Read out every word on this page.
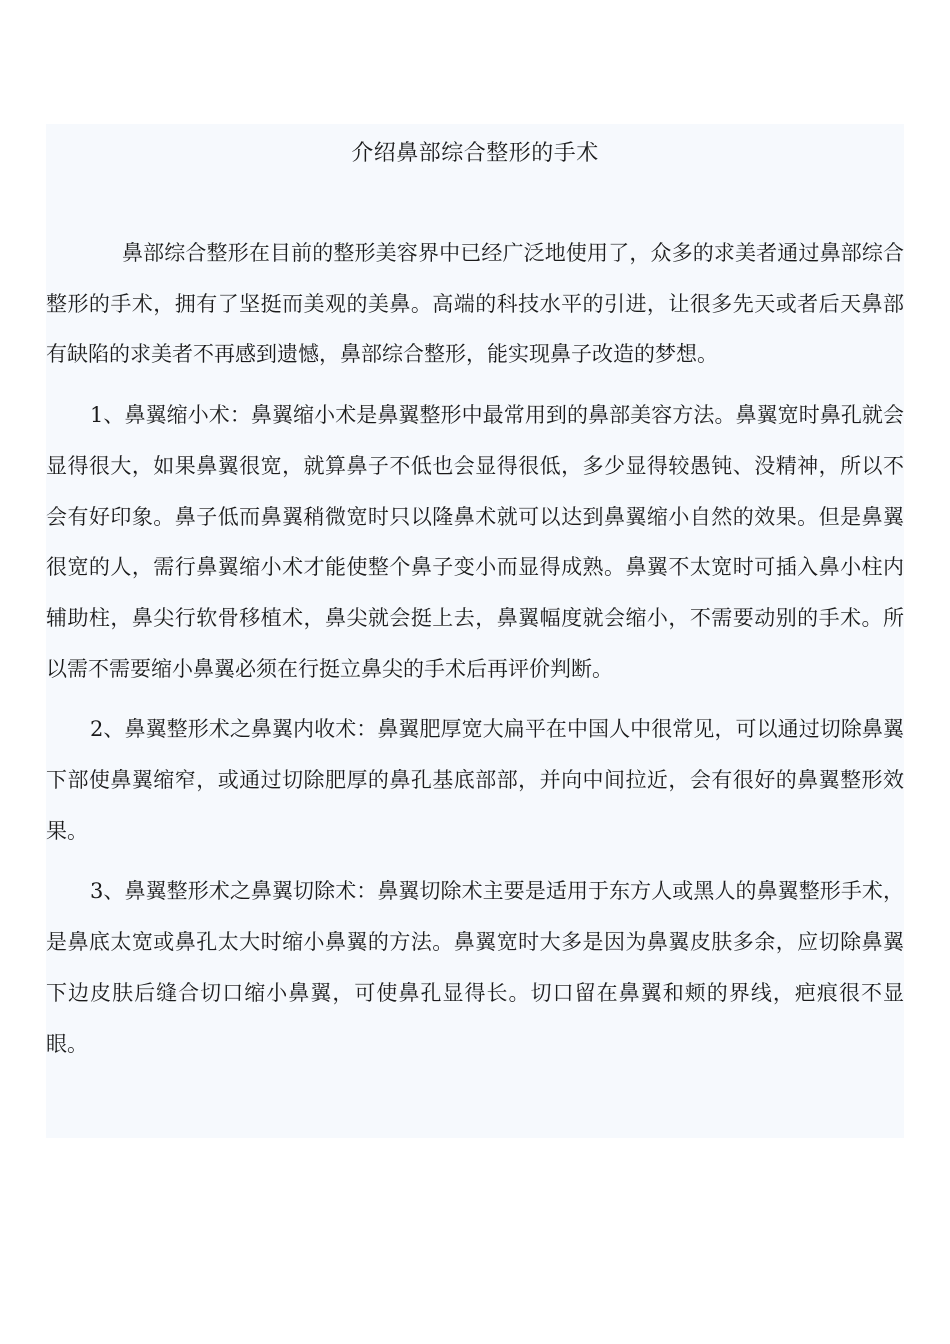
介绍鼻部综合整形的手术

鼻部综合整形在目前的整形美容界中已经广泛地使用了，众多的求美者通过鼻部综合整形的手术，拥有了坚挺而美观的美鼻。高端的科技水平的引进，让很多先天或者后天鼻部有缺陷的求美者不再感到遗憾，鼻部综合整形，能实现鼻子改造的梦想。

1、鼻翼缩小术：鼻翼缩小术是鼻翼整形中最常用到的鼻部美容方法。鼻翼宽时鼻孔就会显得很大，如果鼻翼很宽，就算鼻子不低也会显得很低，多少显得较愚钝、没精神，所以不会有好印象。鼻子低而鼻翼稍微宽时只以隆鼻术就可以达到鼻翼缩小自然的效果。但是鼻翼很宽的人，需行鼻翼缩小术才能使整个鼻子变小而显得成熟。鼻翼不太宽时可插入鼻小柱内辅助柱，鼻尖行软骨移植术，鼻尖就会挺上去，鼻翼幅度就会缩小，不需要动别的手术。所以需不需要缩小鼻翼必须在行挺立鼻尖的手术后再评价判断。

2、鼻翼整形术之鼻翼内收术：鼻翼肥厚宽大扁平在中国人中很常见，可以通过切除鼻翼下部使鼻翼缩窄，或通过切除肥厚的鼻孔基底部部，并向中间拉近，会有很好的鼻翼整形效果。

3、鼻翼整形术之鼻翼切除术：鼻翼切除术主要是适用于东方人或黑人的鼻翼整形手术，是鼻底太宽或鼻孔太大时缩小鼻翼的方法。鼻翼宽时大多是因为鼻翼皮肤多余，应切除鼻翼下边皮肤后缝合切口缩小鼻翼，可使鼻孔显得长。切口留在鼻翼和颊的界线，疤痕很不显眼。
